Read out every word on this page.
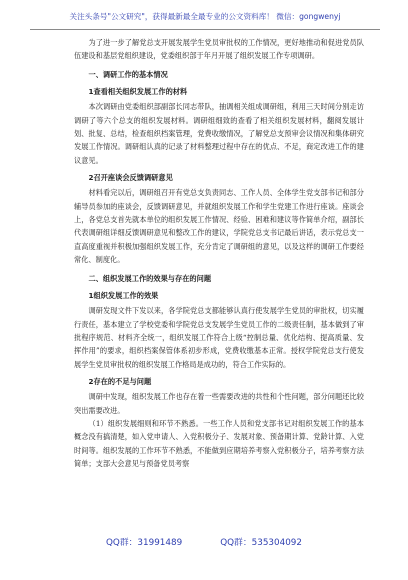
关注头条号"公文研究"，获得最新最全最专业的公文资料库！ 微信：gongwenyj

为了进一步了解党总支开展发展学生党员审批权的工作情况，更好地推动和促进党员队伍建设和基层党组织建设，党委组织部于年月开展了组织发展工作专项调研。

一、调研工作的基本情况
1查看相关组织发展工作的材料

本次调研由党委组织部副部长同志带队，抽调相关组成调研组，利用三天时间分别走访调研了等六个总支的组织发展材料。调研组细致的查看了相关组织发展材料，翻阅发展计划、批复、总结，检查组织档案管理，党费收缴情况，了解党总支预审会议情况和集体研究发展工作情况。调研组认真的记录了材料整理过程中存在的优点、不足，商定改进工作的建议意见。

2召开座谈会反馈调研意见

材料看完以后，调研组召开有党总支负责同志、工作人员、全体学生党支部书记和部分辅导员参加的座谈会，反馈调研意见，并就组织发展工作和学生党建工作进行座谈。座谈会上，各党总支首先就本单位的组织发展工作情况、经验、困难和建议等作简单介绍，副部长代表调研组详细反馈调研意见和整改工作的建议，学院党总支书记最后讲话，表示党总支一直高度重视并积极加强组织发展工作，充分肯定了调研组的意见，以及这样的调研工作要经常化、制度化。

二、组织发展工作的效果与存在的问题
1组织发展工作的效果

调研发现文件下发以来，各学院党总支都能够认真行使发展学生党员的审批权，切实履行责任，基本建立了学校党委和学院党总支发展学生党员工作的二级责任制，基本做到了审批程序规范、材料齐全统一，组织发展工作符合上级“控制总量、优化结构、提高质量、发挥作用”的要求，组织档案保管体系初步形成，党费收缴基本正常。授权学院党总支行使发展学生党员审批权的组织发展工作格局是成功的，符合工作实际的。

2存在的不足与问题

调研中发现，组织发展工作也存在着一些需要改进的共性和个性问题，部分问题还比较突出需要改进。

（1）组织发展细则和环节不熟悉。一些工作人员和党支部书记对组织发展工作的基本概念没有搞清楚，如入党申请人、入党积极分子、发展对象、预备期计算、党龄计算、入党时间等。组织发展的工作环节不熟悉，不能做到应期培养考察入党积极分子，培养考察方法简单；支部大会意见与预备党员考察

QQ群：31991489	QQ群：535304092
